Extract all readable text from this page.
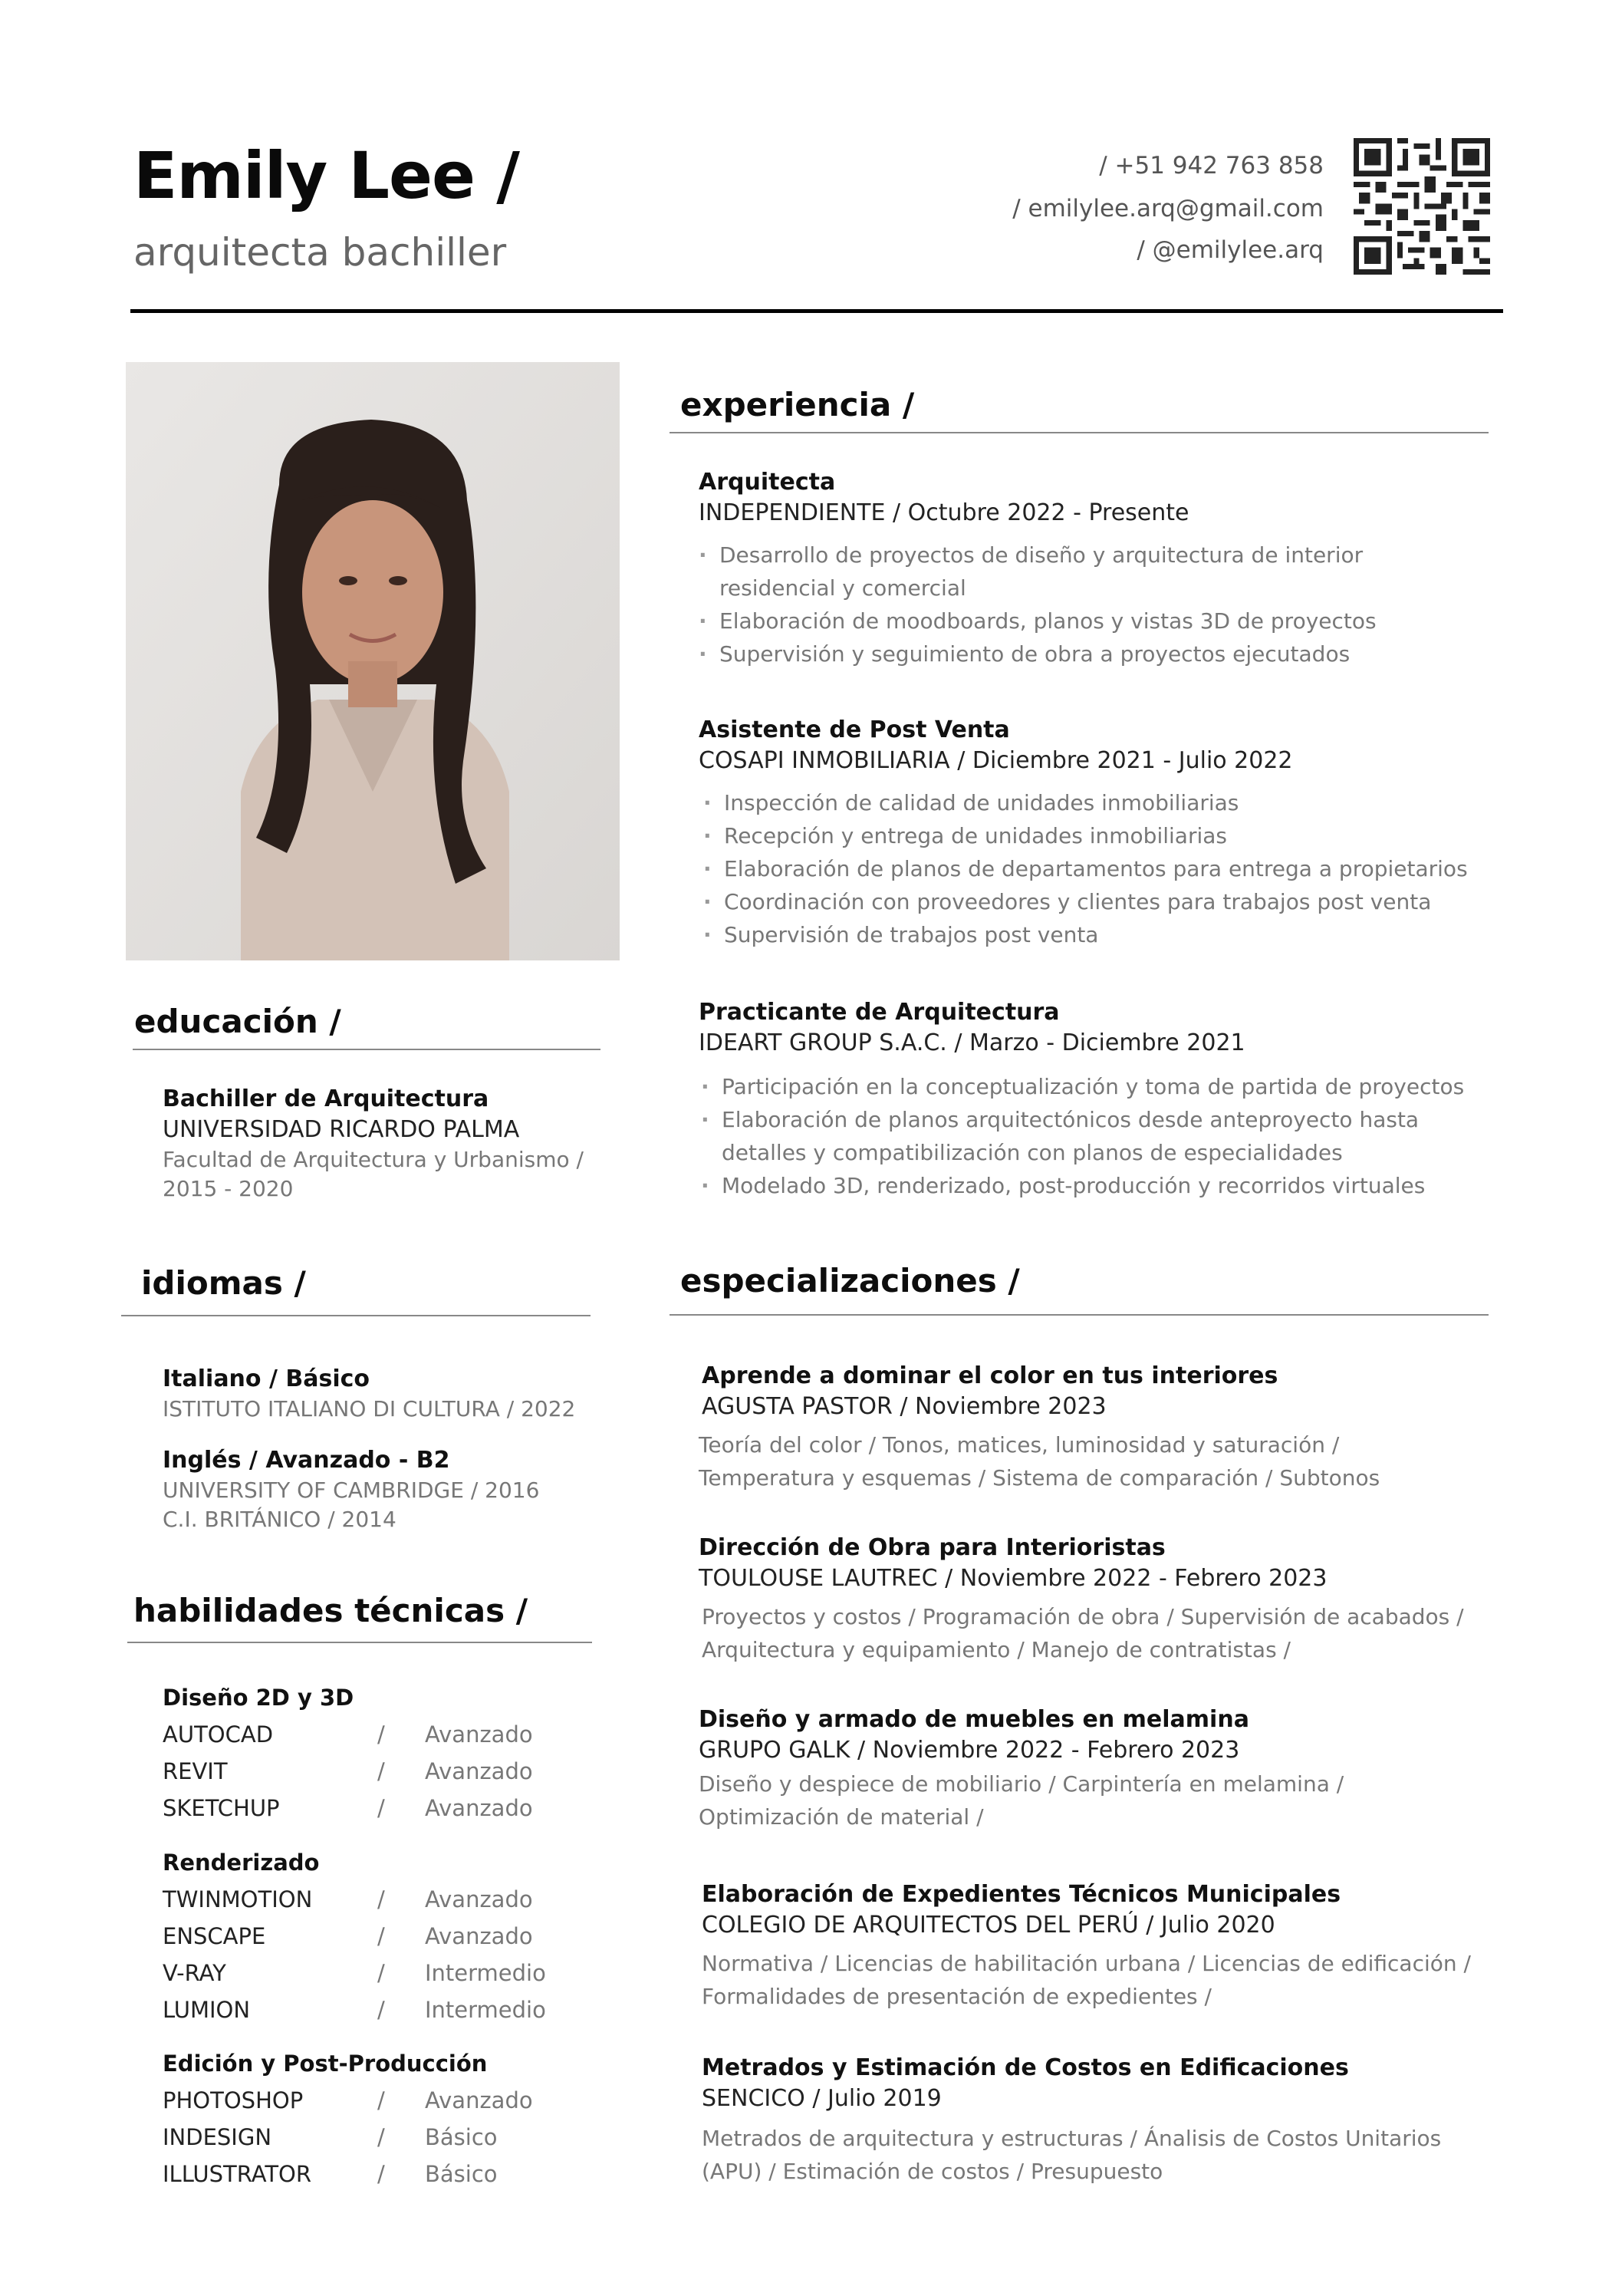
Emily Lee /
arquitecta bachiller
/ +51 942 763 858
/ emilylee.arq@gmail.com
/ @emilylee.arq
educación /
Bachiller de Arquitectura
UNIVERSIDAD RICARDO PALMA
Facultad de Arquitectura y Urbanismo /
2015 - 2020
idiomas /
Italiano / Básico
ISTITUTO ITALIANO DI CULTURA / 2022
Inglés / Avanzado - B2
UNIVERSITY OF CAMBRIDGE / 2016
C.I. BRITÁNICO / 2014
habilidades técnicas /
Diseño 2D y 3D
AUTOCAD	/ Avanzado
REVIT	/ Avanzado
SKETCHUP	/ Avanzado
Renderizado
TWINMOTION	/ Avanzado
ENSCAPE	/ Avanzado
V-RAY	/ Intermedio
LUMION	/ Intermedio
Edición y Post-Producción
PHOTOSHOP	/ Avanzado
INDESIGN	/ Básico
ILLUSTRATOR	/ Básico
experiencia /
Arquitecta
INDEPENDIENTE / Octubre 2022 - Presente
· Desarrollo de proyectos de diseño y arquitectura de interior
residencial y comercial
· Elaboración de moodboards, planos y vistas 3D de proyectos
· Supervisión y seguimiento de obra a proyectos ejecutados
Asistente de Post Venta
COSAPI INMOBILIARIA / Diciembre 2021 - Julio 2022
· Inspección de calidad de unidades inmobiliarias
· Recepción y entrega de unidades inmobiliarias
· Elaboración de planos de departamentos para entrega a propietarios
· Coordinación con proveedores y clientes para trabajos post venta
· Supervisión de trabajos post venta
Practicante de Arquitectura
IDEART GROUP S.A.C. / Marzo - Diciembre 2021
· Participación en la conceptualización y toma de partida de proyectos
· Elaboración de planos arquitectónicos desde anteproyecto hasta
detalles y compatibilización con planos de especialidades
· Modelado 3D, renderizado, post-producción y recorridos virtuales
especializaciones /
Aprende a dominar el color en tus interiores
AGUSTA PASTOR / Noviembre 2023
Teoría del color / Tonos, matices, luminosidad y saturación /
Temperatura y esquemas / Sistema de comparación / Subtonos
Dirección de Obra para Interioristas
TOULOUSE LAUTREC / Noviembre 2022 - Febrero 2023
Proyectos y costos / Programación de obra / Supervisión de acabados /
Arquitectura y equipamiento / Manejo de contratistas /
Diseño y armado de muebles en melamina
GRUPO GALK / Noviembre 2022 - Febrero 2023
Diseño y despiece de mobiliario / Carpintería en melamina /
Optimización de material /
Elaboración de Expedientes Técnicos Municipales
COLEGIO DE ARQUITECTOS DEL PERÚ / Julio 2020
Normativa / Licencias de habilitación urbana / Licencias de edificación /
Formalidades de presentación de expedientes /
Metrados y Estimación de Costos en Edificaciones
SENCICO / Julio 2019
Metrados de arquitectura y estructuras / Ánalisis de Costos Unitarios
(APU) / Estimación de costos / Presupuesto
